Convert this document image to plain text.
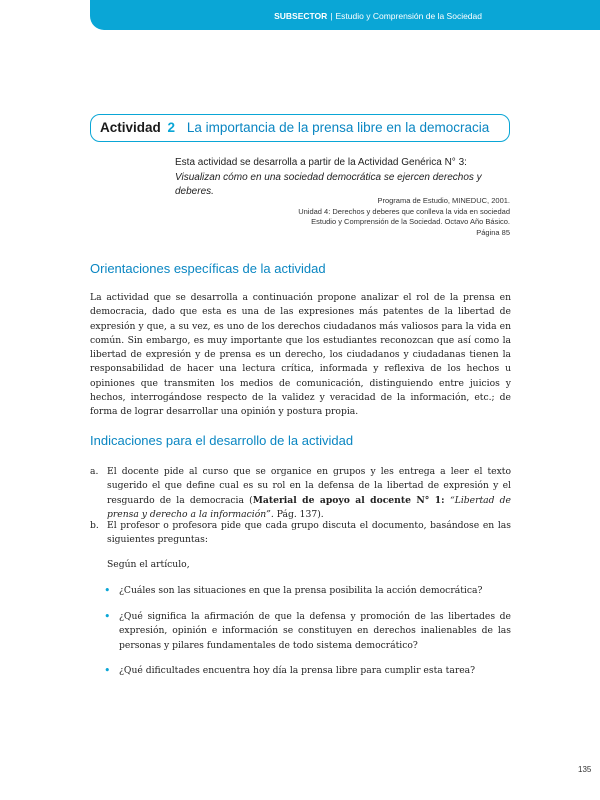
SUBSECTOR | Estudio y Comprensión de la Sociedad
Actividad 2 La importancia de la prensa libre en la democracia
Esta actividad se desarrolla a partir de la Actividad Genérica N° 3: Visualizan cómo en una sociedad democrática se ejercen derechos y deberes.
Programa de Estudio, MINEDUC, 2001.
Unidad 4: Derechos y deberes que conlleva la vida en sociedad
Estudio y Comprensión de la Sociedad. Octavo Año Básico.
Página 85
Orientaciones específicas de la actividad

La actividad que se desarrolla a continuación propone analizar el rol de la prensa en democracia, dado que esta es una de las expresiones más patentes de la libertad de expresión y que, a su vez, es uno de los derechos ciudadanos más valiosos para la vida en común. Sin embargo, es muy importante que los estudiantes reconozcan que así como la libertad de expresión y de prensa es un derecho, los ciudadanos y ciudadanas tienen la responsabilidad de hacer una lectura crítica, informada y reflexiva de los hechos u opiniones que transmiten los medios de comunicación, distinguiendo entre juicios y hechos, interrogándose respecto de la validez y veracidad de la información, etc.; de forma de lograr desarrollar una opinión y postura propia.

Indicaciones para el desarrollo de la actividad
a. El docente pide al curso que se organice en grupos y les entrega a leer el texto sugerido el que define cual es su rol en la defensa de la libertad de expresión y el resguardo de la democracia (Material de apoyo al docente N° 1: “Libertad de prensa y derecho a la información”. Pág. 137).
b. El profesor o profesora pide que cada grupo discuta el documento, basándose en las siguientes preguntas:
Según el artículo,
• ¿Cuáles son las situaciones en que la prensa posibilita la acción democrática?
• ¿Qué significa la afirmación de que la defensa y promoción de las libertades de expresión, opinión e información se constituyen en derechos inalienables de las personas y pilares fundamentales de todo sistema democrático?
• ¿Qué dificultades encuentra hoy día la prensa libre para cumplir esta tarea?
135
